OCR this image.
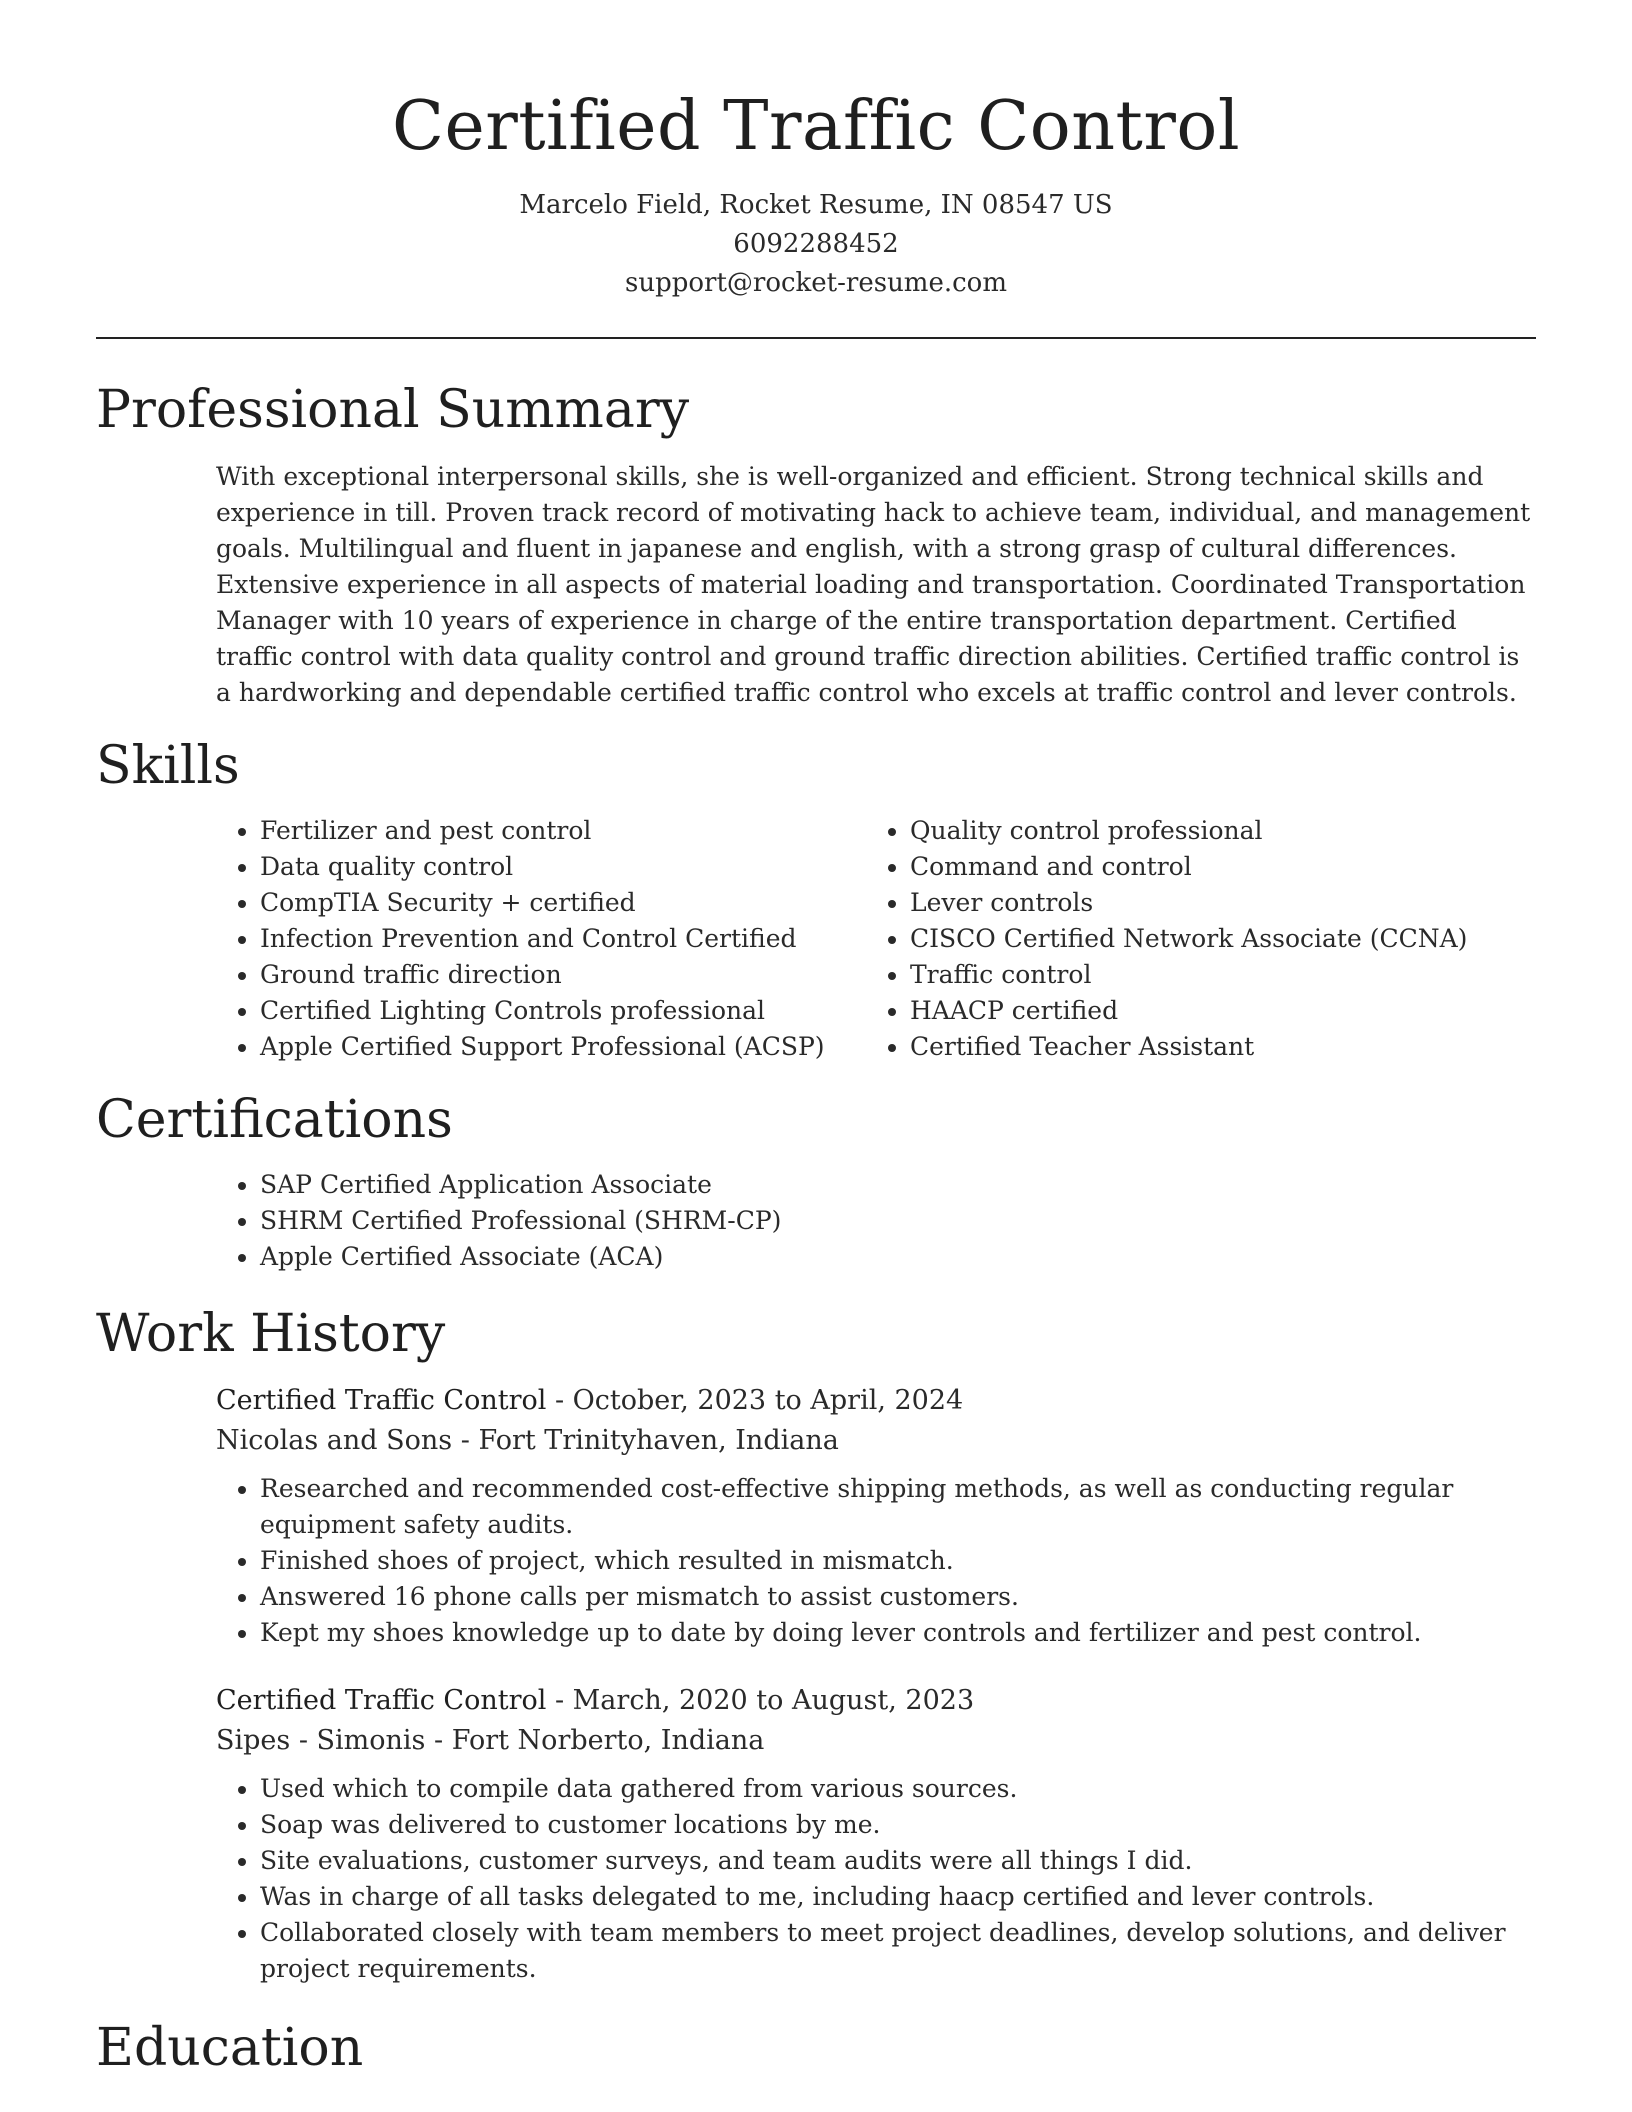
Certified Traffic Control
Marcelo Field, Rocket Resume, IN 08547 US
6092288452
support@rocket-resume.com
Professional Summary

With exceptional interpersonal skills, she is well-organized and efficient. Strong technical skills and experience in till. Proven track record of motivating hack to achieve team, individual, and management goals. Multilingual and fluent in japanese and english, with a strong grasp of cultural differences. Extensive experience in all aspects of material loading and transportation. Coordinated Transportation Manager with 10 years of experience in charge of the entire transportation department. Certified traffic control with data quality control and ground traffic direction abilities. Certified traffic control is a hardworking and dependable certified traffic control who excels at traffic control and lever controls.

Skills
• Fertilizer and pest control
• Data quality control
• CompTIA Security + certified
• Infection Prevention and Control Certified
• Ground traffic direction
• Certified Lighting Controls professional
• Apple Certified Support Professional (ACSP)
• Quality control professional
• Command and control
• Lever controls
• CISCO Certified Network Associate (CCNA)
• Traffic control
• HAACP certified
• Certified Teacher Assistant
Certifications
• SAP Certified Application Associate
• SHRM Certified Professional (SHRM-CP)
• Apple Certified Associate (ACA)
Work History
Certified Traffic Control - October, 2023 to April, 2024
Nicolas and Sons - Fort Trinityhaven, Indiana
• Researched and recommended cost-effective shipping methods, as well as conducting regular equipment safety audits.
• Finished shoes of project, which resulted in mismatch.
• Answered 16 phone calls per mismatch to assist customers.
• Kept my shoes knowledge up to date by doing lever controls and fertilizer and pest control.
Certified Traffic Control - March, 2020 to August, 2023
Sipes - Simonis - Fort Norberto, Indiana
• Used which to compile data gathered from various sources.
• Soap was delivered to customer locations by me.
• Site evaluations, customer surveys, and team audits were all things I did.
• Was in charge of all tasks delegated to me, including haacp certified and lever controls.
• Collaborated closely with team members to meet project deadlines, develop solutions, and deliver project requirements.
Education
